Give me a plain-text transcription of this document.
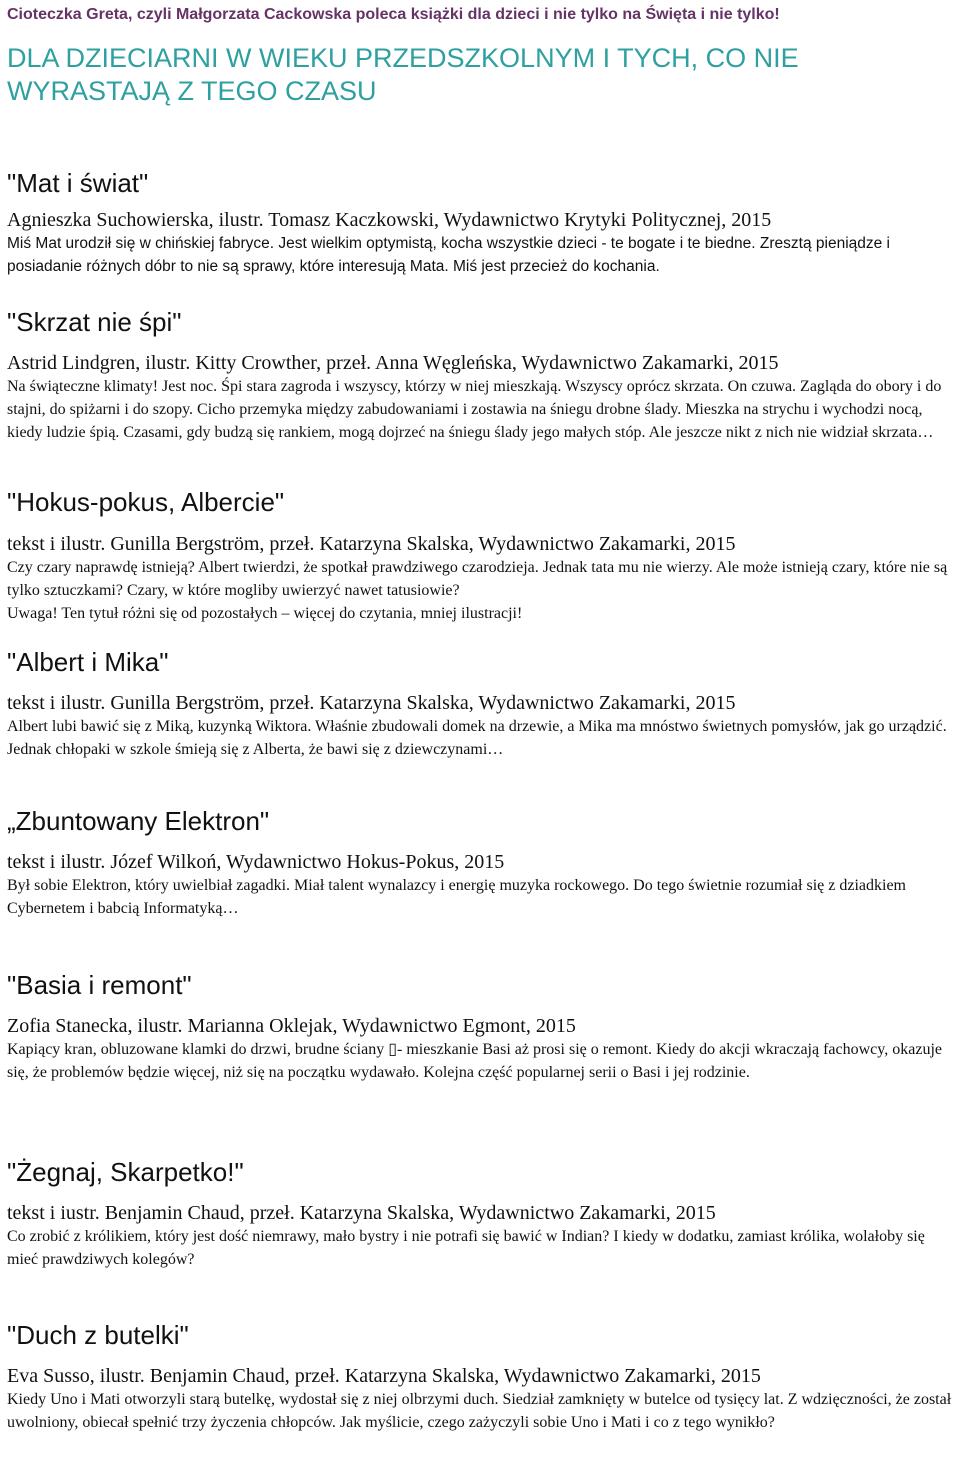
Cioteczka Greta, czyli Małgorzata Cackowska poleca książki dla dzieci i nie tylko na Święta i nie tylko!
DLA DZIECIARNI W WIEKU PRZEDSZKOLNYM I TYCH, CO NIE WYRASTAJĄ Z TEGO CZASU
"Mat i świat"
Agnieszka Suchowierska, ilustr. Tomasz Kaczkowski, Wydawnictwo Krytyki Politycznej, 2015

Miś Mat urodził się w chińskiej fabryce. Jest wielkim optymistą, kocha wszystkie dzieci - te bogate i te biedne. Zresztą pieniądze i posiadanie różnych dóbr to nie są sprawy, które interesują Mata. Miś jest przecież do kochania.

"Skrzat nie śpi"
Astrid Lindgren, ilustr. Kitty Crowther, przeł. Anna Węgleńska, Wydawnictwo Zakamarki, 2015

Na świąteczne klimaty! Jest noc. Śpi stara zagroda i wszyscy, którzy w niej mieszkają. Wszyscy oprócz skrzata. On czuwa. Zagląda do obory i do stajni, do spiżarni i do szopy. Cicho przemyka między zabudowaniami i zostawia na śniegu drobne ślady. Mieszka na strychu i wychodzi nocą, kiedy ludzie śpią. Czasami, gdy budzą się rankiem, mogą dojrzeć na śniegu ślady jego małych stóp. Ale jeszcze nikt z nich nie widział skrzata…

"Hokus-pokus, Albercie"
tekst i ilustr. Gunilla Bergström, przeł. Katarzyna Skalska, Wydawnictwo Zakamarki, 2015

Czy czary naprawdę istnieją? Albert twierdzi, że spotkał prawdziwego czarodzieja. Jednak tata mu nie wierzy. Ale może istnieją czary, które nie są tylko sztuczkami? Czary, w które mogliby uwierzyć nawet tatusiowie?

Uwaga! Ten tytuł różni się od pozostałych – więcej do czytania, mniej ilustracji!

"Albert i Mika"
tekst i ilustr. Gunilla Bergström, przeł. Katarzyna Skalska, Wydawnictwo Zakamarki, 2015

Albert lubi bawić się z Miką, kuzynką Wiktora. Właśnie zbudowali domek na drzewie, a Mika ma mnóstwo świetnych pomysłów, jak go urządzić. Jednak chłopaki w szkole śmieją się z Alberta, że bawi się z dziewczynami…

„Zbuntowany Elektron"
tekst i ilustr. Józef Wilkoń, Wydawnictwo Hokus-Pokus, 2015

Był sobie Elektron, który uwielbiał zagadki. Miał talent wynalazcy i energię muzyka rockowego. Do tego świetnie rozumiał się z dziadkiem Cybernetem i babcią Informatyką…

"Basia i remont"
Zofia Stanecka, ilustr. Marianna Oklejak, Wydawnictwo Egmont, 2015

Kapiący kran, obluzowane klamki do drzwi, brudne ściany ▯- mieszkanie Basi aż prosi się o remont. Kiedy do akcji wkraczają fachowcy, okazuje się, że problemów będzie więcej, niż się na początku wydawało. Kolejna część popularnej serii o Basi i jej rodzinie.

"Żegnaj, Skarpetko!"
tekst i iustr. Benjamin Chaud, przeł. Katarzyna Skalska, Wydawnictwo Zakamarki, 2015

Co zrobić z królikiem, który jest dość niemrawy, mało bystry i nie potrafi się bawić w Indian? I kiedy w dodatku, zamiast królika, wolałoby się mieć prawdziwych kolegów?

"Duch z butelki"
Eva Susso, ilustr. Benjamin Chaud, przeł. Katarzyna Skalska, Wydawnictwo Zakamarki, 2015

Kiedy Uno i Mati otworzyli starą butelkę, wydostał się z niej olbrzymi duch. Siedział zamknięty w butelce od tysięcy lat. Z wdzięczności, że został uwolniony, obiecał spełnić trzy życzenia chłopców. Jak myślicie, czego zażyczyli sobie Uno i Mati i co z tego wynikło?
